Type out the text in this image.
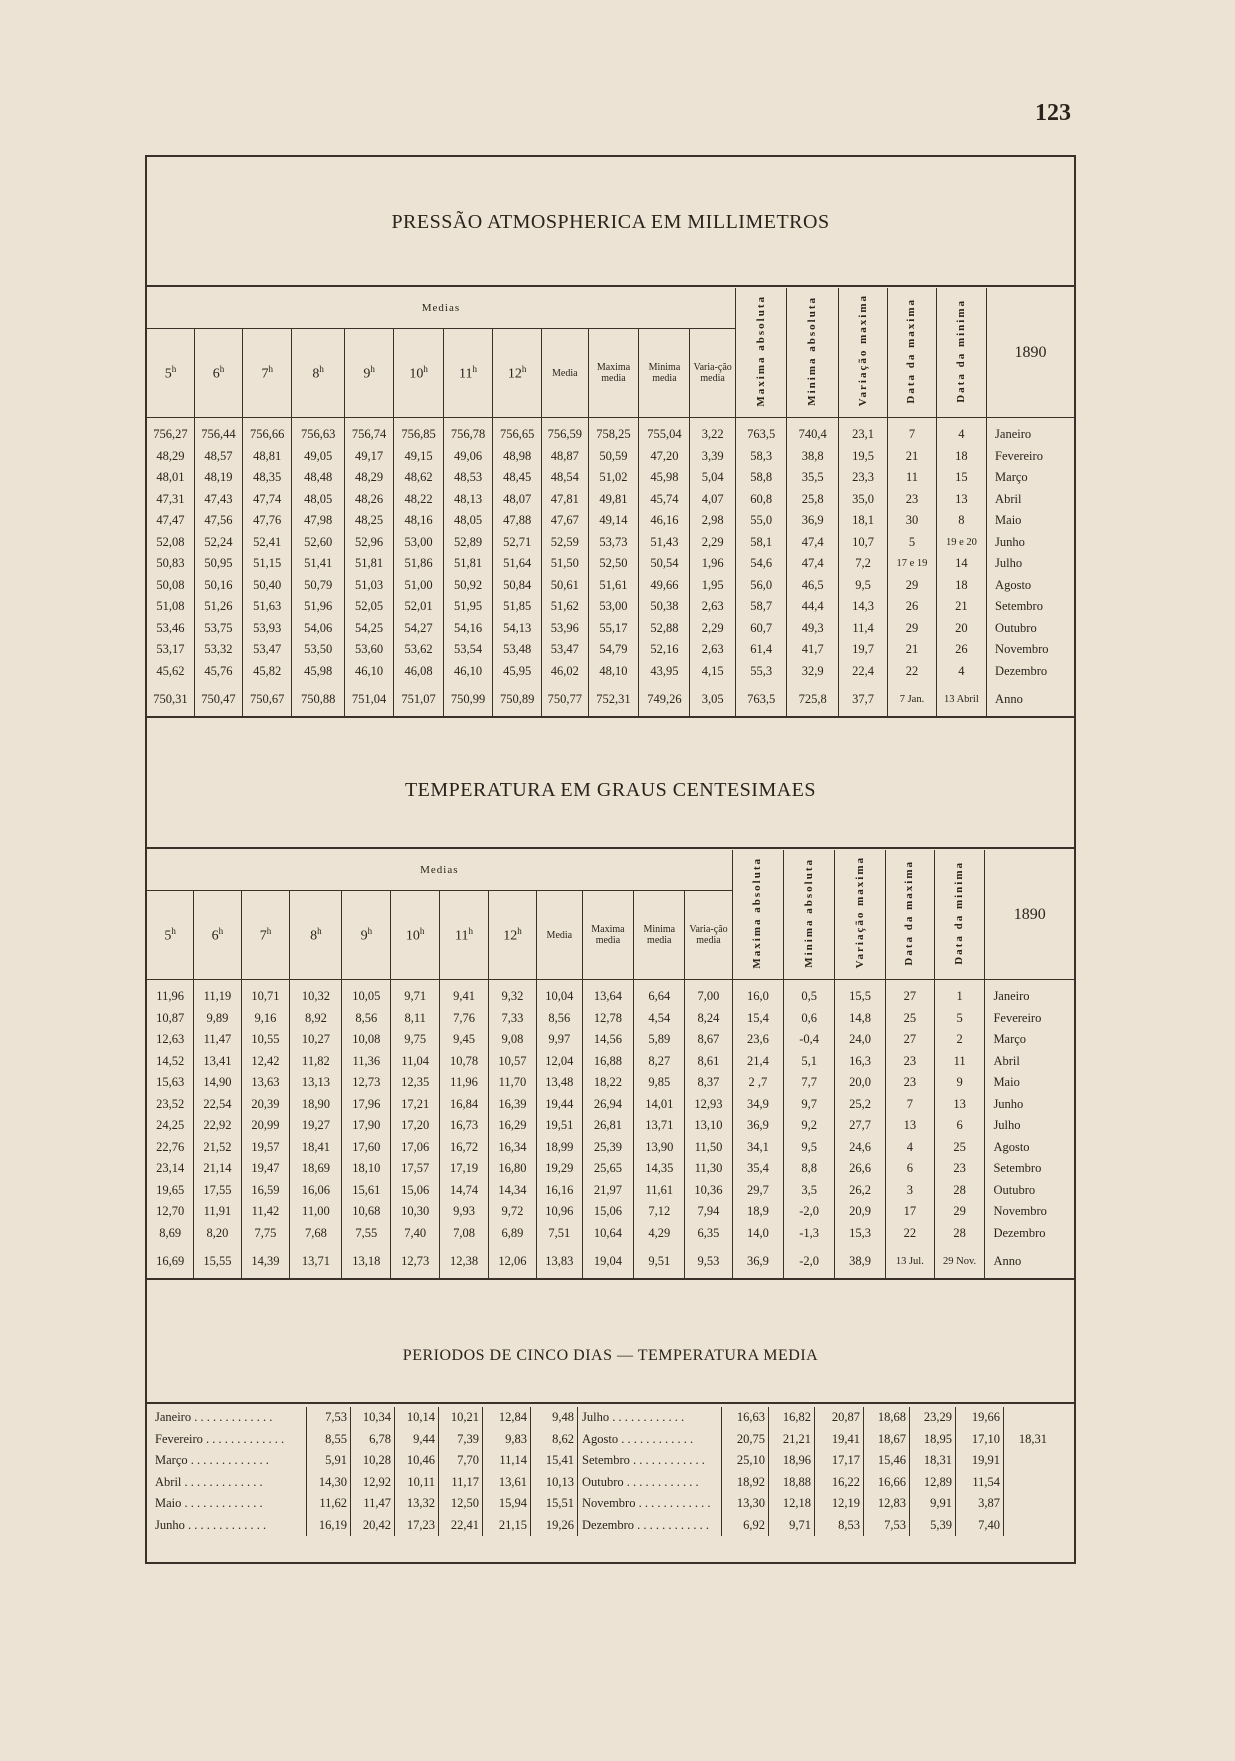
123
PRESSÃO ATMOSPHERICA EM MILLIMETROS
Medias												Maxima absoluta	Minima absoluta	Variação maxima	Data da maxima	Data da minima	1890
5$^h$	6$^h$	7$^h$	8$^h$	9$^h$	10$^h$	11$^h$	12$^h$	Media	Maxima media	Minima media	Varia-ção media						
756,27	756,44	756,66	756,63	756,74	756,85	756,78	756,65	756,59	758,25	755,04	3,22	763,5	740,4	23,1	7	4	Janeiro
48,29	48,57	48,81	49,05	49,17	49,15	49,06	48,98	48,87	50,59	47,20	3,39	58,3	38,8	19,5	21	18	Fevereiro
48,01	48,19	48,35	48,48	48,29	48,62	48,53	48,45	48,54	51,02	45,98	5,04	58,8	35,5	23,3	11	15	Março
47,31	47,43	47,74	48,05	48,26	48,22	48,13	48,07	47,81	49,81	45,74	4,07	60,8	25,8	35,0	23	13	Abril
47,47	47,56	47,76	47,98	48,25	48,16	48,05	47,88	47,67	49,14	46,16	2,98	55,0	36,9	18,1	30	8	Maio
52,08	52,24	52,41	52,60	52,96	53,00	52,89	52,71	52,59	53,73	51,43	2,29	58,1	47,4	10,7	5	19 e 20	Junho
50,83	50,95	51,15	51,41	51,81	51,86	51,81	51,64	51,50	52,50	50,54	1,96	54,6	47,4	7,2	17 e 19	14	Julho
50,08	50,16	50,40	50,79	51,03	51,00	50,92	50,84	50,61	51,61	49,66	1,95	56,0	46,5	9,5	29	18	Agosto
51,08	51,26	51,63	51,96	52,05	52,01	51,95	51,85	51,62	53,00	50,38	2,63	58,7	44,4	14,3	26	21	Setembro
53,46	53,75	53,93	54,06	54,25	54,27	54,16	54,13	53,96	55,17	52,88	2,29	60,7	49,3	11,4	29	20	Outubro
53,17	53,32	53,47	53,50	53,60	53,62	53,54	53,48	53,47	54,79	52,16	2,63	61,4	41,7	19,7	21	26	Novembro
45,62	45,76	45,82	45,98	46,10	46,08	46,10	45,95	46,02	48,10	43,95	4,15	55,3	32,9	22,4	22	4	Dezembro
750,31	750,47	750,67	750,88	751,04	751,07	750,99	750,89	750,77	752,31	749,26	3,05	763,5	725,8	37,7	7 Jan.	13 Abril	Anno
TEMPERATURA EM GRAUS CENTESIMAES
Medias												Maxima absoluta	Minima absoluta	Variação maxima	Data da maxima	Data da minima	1890
5$^h$	6$^h$	7$^h$	8$^h$	9$^h$	10$^h$	11$^h$	12$^h$	Media	Maxima media	Minima media	Varia-ção media						
11,96	11,19	10,71	10,32	10,05	9,71	9,41	9,32	10,04	13,64	6,64	7,00	16,0	0,5	15,5	27	1	Janeiro
10,87	9,89	9,16	8,92	8,56	8,11	7,76	7,33	8,56	12,78	4,54	8,24	15,4	0,6	14,8	25	5	Fevereiro
12,63	11,47	10,55	10,27	10,08	9,75	9,45	9,08	9,97	14,56	5,89	8,67	23,6	-0,4	24,0	27	2	Março
14,52	13,41	12,42	11,82	11,36	11,04	10,78	10,57	12,04	16,88	8,27	8,61	21,4	5,1	16,3	23	11	Abril
15,63	14,90	13,63	13,13	12,73	12,35	11,96	11,70	13,48	18,22	9,85	8,37	2 ,7	7,7	20,0	23	9	Maio
23,52	22,54	20,39	18,90	17,96	17,21	16,84	16,39	19,44	26,94	14,01	12,93	34,9	9,7	25,2	7	13	Junho
24,25	22,92	20,99	19,27	17,90	17,20	16,73	16,29	19,51	26,81	13,71	13,10	36,9	9,2	27,7	13	6	Julho
22,76	21,52	19,57	18,41	17,60	17,06	16,72	16,34	18,99	25,39	13,90	11,50	34,1	9,5	24,6	4	25	Agosto
23,14	21,14	19,47	18,69	18,10	17,57	17,19	16,80	19,29	25,65	14,35	11,30	35,4	8,8	26,6	6	23	Setembro
19,65	17,55	16,59	16,06	15,61	15,06	14,74	14,34	16,16	21,97	11,61	10,36	29,7	3,5	26,2	3	28	Outubro
12,70	11,91	11,42	11,00	10,68	10,30	9,93	9,72	10,96	15,06	7,12	7,94	18,9	-2,0	20,9	17	29	Novembro
8,69	8,20	7,75	7,68	7,55	7,40	7,08	6,89	7,51	10,64	4,29	6,35	14,0	-1,3	15,3	22	28	Dezembro
16,69	15,55	14,39	13,71	13,18	12,73	12,38	12,06	13,83	19,04	9,51	9,53	36,9	-2,0	38,9	13 Jul.	29 Nov.	Anno
PERIODOS DE CINCO DIAS — TEMPERATURA MEDIA
Janeiro . . . . . . . . . . . . .	7,53	10,34	10,14	10,21	12,84	9,48	Julho . . . . . . . . . . . .	16,63	16,82	20,87	18,68	23,29	19,66	
Fevereiro . . . . . . . . . . . . .	8,55	6,78	9,44	7,39	9,83	8,62	Agosto . . . . . . . . . . . .	20,75	21,21	19,41	18,67	18,95	17,10	18,31
Março . . . . . . . . . . . . .	5,91	10,28	10,46	7,70	11,14	15,41	Setembro . . . . . . . . . . . .	25,10	18,96	17,17	15,46	18,31	19,91	
Abril . . . . . . . . . . . . .	14,30	12,92	10,11	11,17	13,61	10,13	Outubro . . . . . . . . . . . .	18,92	18,88	16,22	16,66	12,89	11,54	
Maio . . . . . . . . . . . . .	11,62	11,47	13,32	12,50	15,94	15,51	Novembro . . . . . . . . . . . .	13,30	12,18	12,19	12,83	9,91	3,87	
Junho . . . . . . . . . . . . .	16,19	20,42	17,23	22,41	21,15	19,26	Dezembro . . . . . . . . . . . .	6,92	9,71	8,53	7,53	5,39	7,40	
